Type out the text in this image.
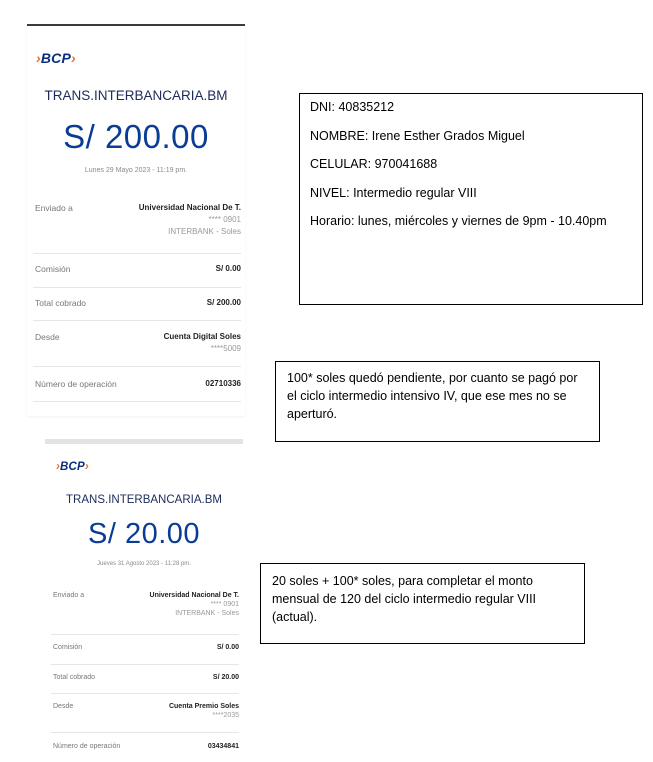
›BCP›
TRANS.INTERBANCARIA.BM
S/ 200.00
Lunes 29 Mayo 2023 - 11:19 pm.
Enviado a	Universidad Nacional De T.
**** 0901
INTERBANK - Soles
Comisión	S/ 0.00
Total cobrado	S/ 200.00
Desde	Cuenta Digital Soles
****5009
Número de operación	02710336
DNI: 40835212
NOMBRE: Irene Esther Grados Miguel
CELULAR: 970041688
NIVEL: Intermedio regular VIII
Horario: lunes, miércoles y viernes de 9pm - 10.40pm
100* soles quedó pendiente, por cuanto se pagó por el ciclo intermedio intensivo IV, que ese mes no se aperturó.
›BCP›
TRANS.INTERBANCARIA.BM
S/ 20.00
Jueves 31 Agosto 2023 - 11:28 pm.
Enviado a	Universidad Nacional De T.
**** 0901
INTERBANK - Soles
Comisión	S/ 0.00
Total cobrado	S/ 20.00
Desde	Cuenta Premio Soles
****2035
Número de operación	03434841
20 soles + 100* soles, para completar el monto mensual de 120 del ciclo intermedio regular VIII (actual).
